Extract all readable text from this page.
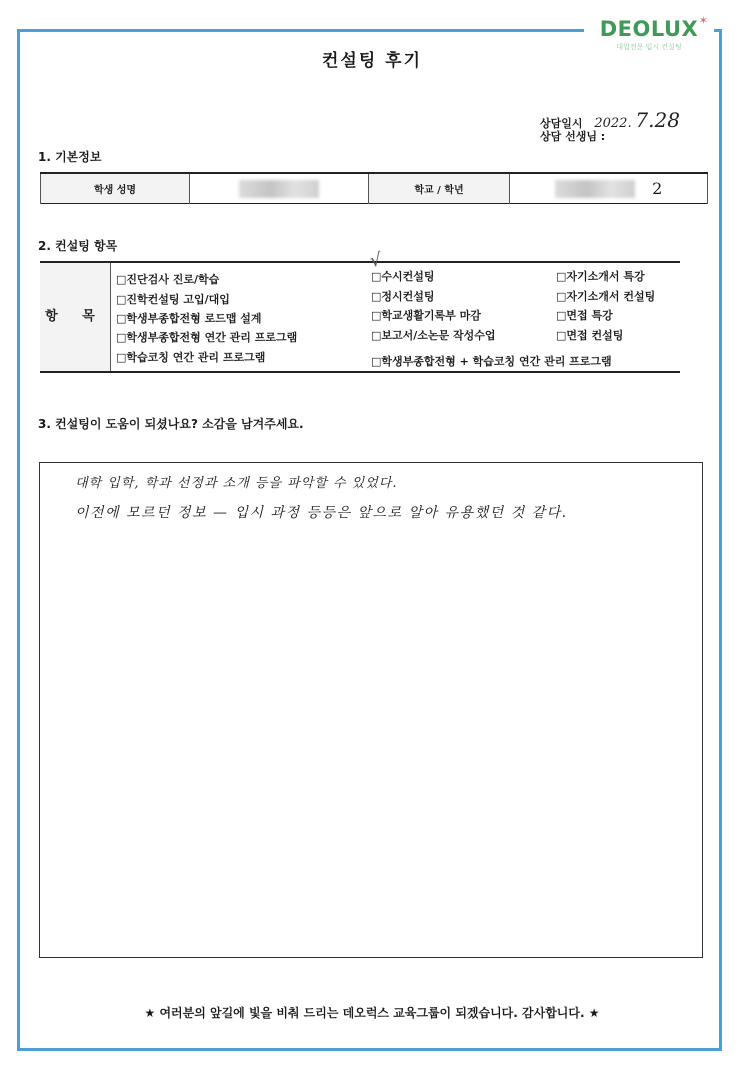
DEOLUX ✶
대입전문 입시 컨설팅
컨설팅 후기
상담일시 2022. 7.28
상담 선생님 :
1. 기본정보
학생 성명		학교 / 학년	2
2. 컨설팅 항목
항 목
□진단검사 진로/학습
□진학컨설팅 고입/대입
□학생부종합전형 로드맵 설계
□학생부종합전형 연간 관리 프로그램
□학습코칭 연간 관리 프로그램
□수시컨설팅
□정시컨설팅
□학교생활기록부 마감
□보고서/소논문 작성수업
□자기소개서 특강
□자기소개서 컨설팅
□면접 특강
□면접 컨설팅
□학생부종합전형 + 학습코칭 연간 관리 프로그램
√
3. 컨설팅이 도움이 되셨나요? 소감을 남겨주세요.
대학 입학, 학과 선정과 소개 등을 파악할 수 있었다.
이전에 모르던 정보 — 입시 과정 등등은 앞으로 알아 유용했던 것 같다.
★ 여러분의 앞길에 빛을 비춰 드리는 데오럭스 교육그룹이 되겠습니다. 감사합니다. ★
